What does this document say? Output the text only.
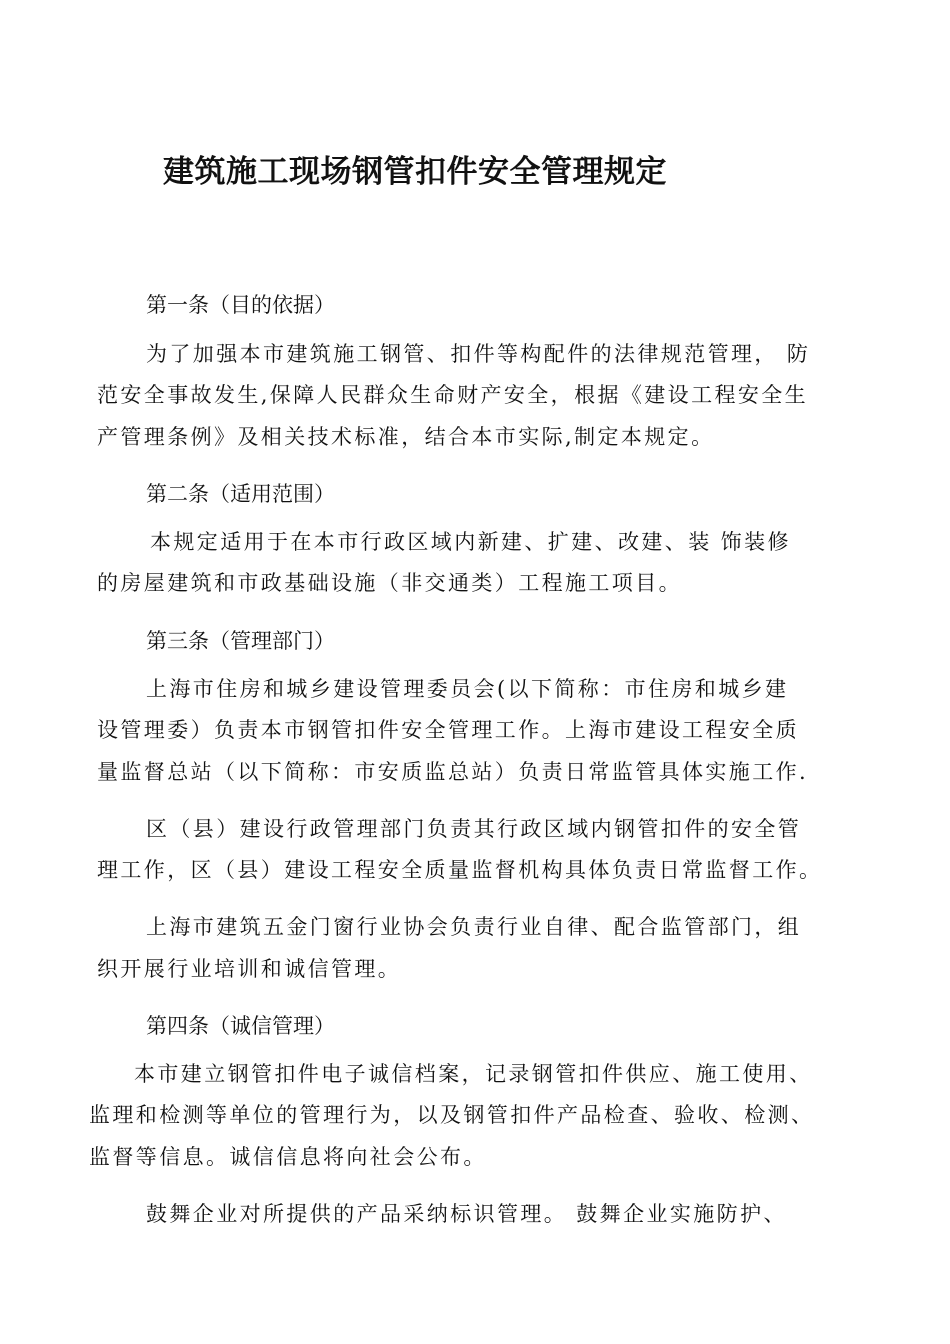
建筑施工现场钢管扣件安全管理规定

第一条（目的依据）

为了加强本市建筑施工钢管、扣件等构配件的法律规范管理， 防

范安全事故发生,保障人民群众生命财产安全，根据《建设工程安全生

产管理条例》及相关技术标准，结合本市实际,制定本规定。

第二条（适用范围）

本规定适用于在本市行政区域内新建、扩建、改建、装 饰装修

的房屋建筑和市政基础设施（非交通类）工程施工项目。

第三条（管理部门）

上海市住房和城乡建设管理委员会(以下简称：市住房和城乡建

设管理委）负责本市钢管扣件安全管理工作。上海市建设工程安全质

量监督总站（以下简称：市安质监总站）负责日常监管具体实施工作.

区（县）建设行政管理部门负责其行政区域内钢管扣件的安全管

理工作，区（县）建设工程安全质量监督机构具体负责日常监督工作。

上海市建筑五金门窗行业协会负责行业自律、配合监管部门，组

织开展行业培训和诚信管理。

第四条（诚信管理）

本市建立钢管扣件电子诚信档案，记录钢管扣件供应、施工使用、

监理和检测等单位的管理行为，以及钢管扣件产品检查、验收、检测、

监督等信息。诚信信息将向社会公布。

鼓舞企业对所提供的产品采纳标识管理。 鼓舞企业实施防护、
